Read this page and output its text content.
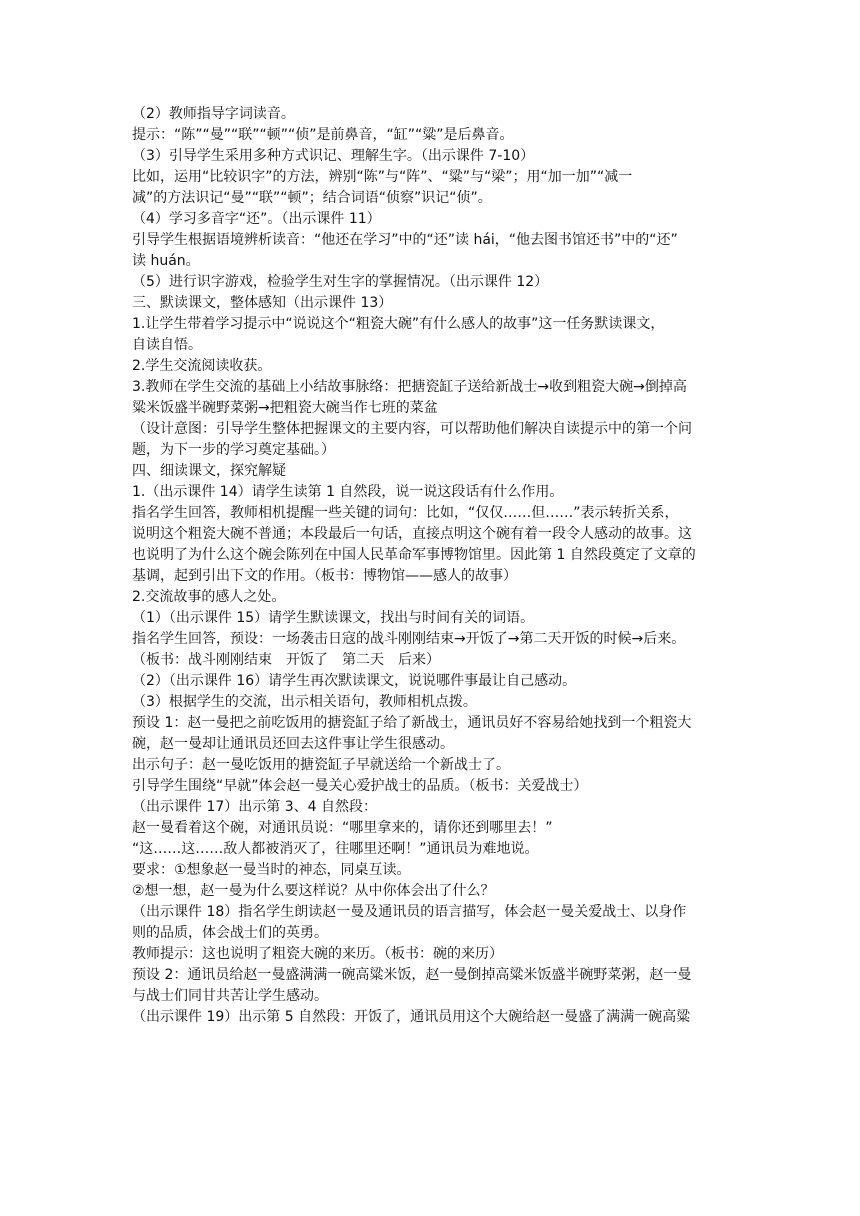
（2）教师指导字词读音。

提示：“陈”“曼”“联”“顿”“侦”是前鼻音，“缸”“粱”是后鼻音。

（3）引导学生采用多种方式识记、理解生字。（出示课件 7-10）

比如，运用“比较识字”的方法，辨别“陈”与“阵”、“粱”与“梁”；用“加一加”“减一

减”的方法识记“曼”“联”“顿”；结合词语“侦察”识记“侦”。

（4）学习多音字“还”。（出示课件 11）

引导学生根据语境辨析读音：“他还在学习”中的“还”读 hái，“他去图书馆还书”中的“还”

读 huán。

（5）进行识字游戏，检验学生对生字的掌握情况。（出示课件 12）

三、默读课文，整体感知（出示课件 13）

1.让学生带着学习提示中“说说这个“粗瓷大碗”有什么感人的故事”这一任务默读课文，

自读自悟。

2.学生交流阅读收获。

3.教师在学生交流的基础上小结故事脉络：把搪瓷缸子送给新战士→收到粗瓷大碗→倒掉高

粱米饭盛半碗野菜粥→把粗瓷大碗当作七班的菜盆

（设计意图：引导学生整体把握课文的主要内容，可以帮助他们解决自读提示中的第一个问

题，为下一步的学习奠定基础。）

四、细读课文，探究解疑

1.（出示课件 14）请学生读第 1 自然段，说一说这段话有什么作用。

指名学生回答，教师相机提醒一些关键的词句：比如，“仅仅……但……”表示转折关系，

说明这个粗瓷大碗不普通；本段最后一句话，直接点明这个碗有着一段令人感动的故事。这

也说明了为什么这个碗会陈列在中国人民革命军事博物馆里。因此第 1 自然段奠定了文章的

基调，起到引出下文的作用。（板书：博物馆——感人的故事）

2.交流故事的感人之处。

（1）（出示课件 15）请学生默读课文，找出与时间有关的词语。

指名学生回答，预设：一场袭击日寇的战斗刚刚结束→开饭了→第二天开饭的时候→后来。

（板书：战斗刚刚结束　开饭了　第二天　后来）

（2）（出示课件 16）请学生再次默读课文，说说哪件事最让自己感动。

（3）根据学生的交流，出示相关语句，教师相机点拨。

预设 1：赵一曼把之前吃饭用的搪瓷缸子给了新战士，通讯员好不容易给她找到一个粗瓷大

碗，赵一曼却让通讯员还回去这件事让学生很感动。

出示句子：赵一曼吃饭用的搪瓷缸子早就送给一个新战士了。

引导学生围绕“早就”体会赵一曼关心爱护战士的品质。（板书：关爱战士）

（出示课件 17）出示第 3、4 自然段：

赵一曼看着这个碗，对通讯员说：“哪里拿来的，请你还到哪里去！”

“这……这……敌人都被消灭了，往哪里还啊！”通讯员为难地说。

要求：①想象赵一曼当时的神态，同桌互读。

②想一想，赵一曼为什么要这样说？从中你体会出了什么？

（出示课件 18）指名学生朗读赵一曼及通讯员的语言描写，体会赵一曼关爱战士、以身作

则的品质，体会战士们的英勇。

教师提示：这也说明了粗瓷大碗的来历。（板书：碗的来历）

预设 2：通讯员给赵一曼盛满满一碗高粱米饭，赵一曼倒掉高粱米饭盛半碗野菜粥，赵一曼

与战士们同甘共苦让学生感动。

（出示课件 19）出示第 5 自然段：开饭了，通讯员用这个大碗给赵一曼盛了满满一碗高粱
